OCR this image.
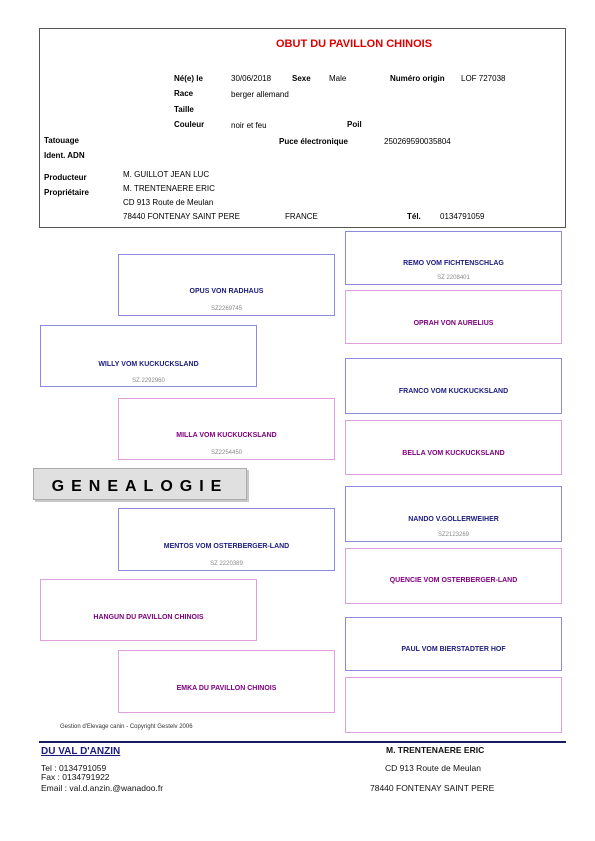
OBUT DU PAVILLON CHINOIS
Né(e) le	30/06/2018	Sexe Male	Numéro origin LOF 727038
Race	berger allemand
Taille
Couleur	noir et feu	Poil
Tatouage	Puce électronique	250269590035804
Ident. ADN
Producteur	M. GUILLOT JEAN LUC
Propriétaire	M. TRENTENAERE ERIC
CD 913 Route de Meulan
78440 FONTENAY SAINT PERE	FRANCE	Tél. 0134791059
REMO VOM FICHTENSCHLAG
SZ 2208401
OPRAH VON AURELIUS
FRANCO VOM KUCKUCKSLAND
BELLA VOM KUCKUCKSLAND
NANDO V.GOLLERWEIHER
SZ2123269
QUENCIE VOM OSTERBERGER-LAND
PAUL VOM BIERSTADTER HOF
OPUS VON RADHAUS
SZ2269745
MILLA VOM KUCKUCKSLAND
SZ2254450
MENTOS VOM OSTERBERGER-LAND
SZ 2220389
EMKA DU PAVILLON CHINOIS
WILLY VOM KUCKUCKSLAND
SZ.2292960
HANGUN DU PAVILLON CHINOIS
GENEALOGIE
Gestion d'Elevage canin - Copyright Gestelv 2006
DU VAL D'ANZIN
Tel : 0134791059
Fax : 0134791922
Email : val.d.anzin.@wanadoo.fr
M. TRENTENAERE ERIC
CD 913 Route de Meulan
78440 FONTENAY SAINT PERE
